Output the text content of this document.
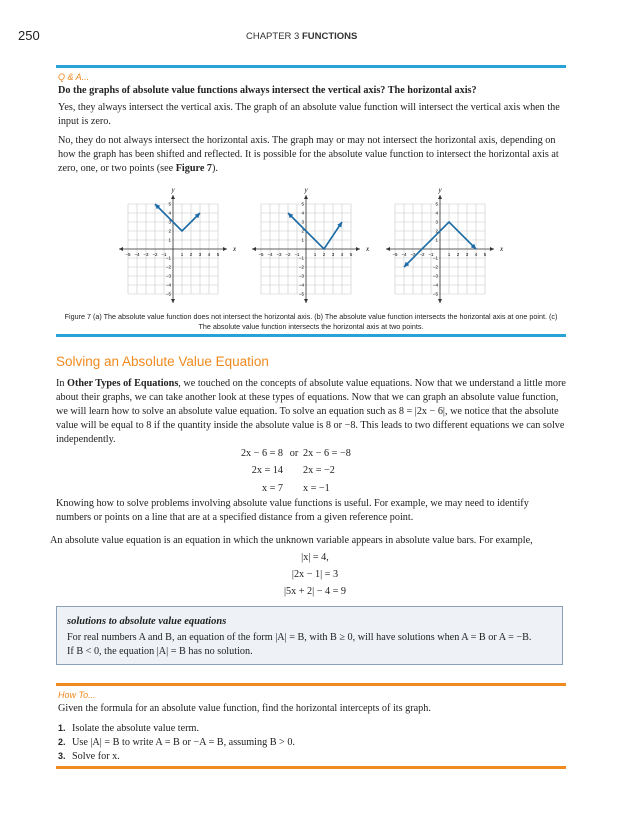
250	CHAPTER 3 FUNCTIONS
Q & A...

Do the graphs of absolute value functions always intersect the vertical axis? The horizontal axis?

Yes, they always intersect the vertical axis. The graph of an absolute value function will intersect the vertical axis when the input is zero.

No, they do not always intersect the horizontal axis. The graph may or may not intersect the horizontal axis, depending on how the graph has been shifted and reflected. It is possible for the absolute value function to intersect the horizontal axis at zero, one, or two points (see Figure 7).

y
x
−5
−5
−4
−4
−3
−3
−2
−2
−1
−1
1
1
2
2
3
3
4
4
5
5
y
x
−5
−5
−4
−4
−3
−3
−2
−2
−1
−1
1
1
2
2
3
3
4
4
5
5
y
x
−5
−5
−4
−4
−3
−3
−2
−2
−1
−1
1
1
2
2
3
3
4
4
5
5
Figure 7 (a) The absolute value function does not intersect the horizontal axis. (b) The absolute value function intersects the horizontal axis at one point. (c)
The absolute value function intersects the horizontal axis at two points.
Solving an Absolute Value Equation

In Other Types of Equations, we touched on the concepts of absolute value equations. Now that we understand a little more about their graphs, we can take another look at these types of equations. Now that we can graph an absolute value function, we will learn how to solve an absolute value equation. To solve an equation such as 8 = |2x − 6|, we notice that the absolute value will be equal to 8 if the quantity inside the absolute value is 8 or −8. This leads to two different equations we can solve independently.

2x − 6 = 8 or 2x − 6 = −8
2x = 14 2x = −2
x = 7 x = −1

Knowing how to solve problems involving absolute value functions is useful. For example, we may need to identify numbers or points on a line that are at a specified distance from a given reference point.

An absolute value equation is an equation in which the unknown variable appears in absolute value bars. For example,

|x| = 4,
|2x − 1| = 3
|5x + 2| − 4 = 9
solutions to absolute value equations

For real numbers A and B, an equation of the form |A| = B, with B ≥ 0, will have solutions when A = B or A = −B.

If B < 0, the equation |A| = B has no solution.

How To...

Given the formula for an absolute value function, find the horizontal intercepts of its graph.

1. Isolate the absolute value term.
2. Use |A| = B to write A = B or −A = B, assuming B > 0.
3. Solve for x.
